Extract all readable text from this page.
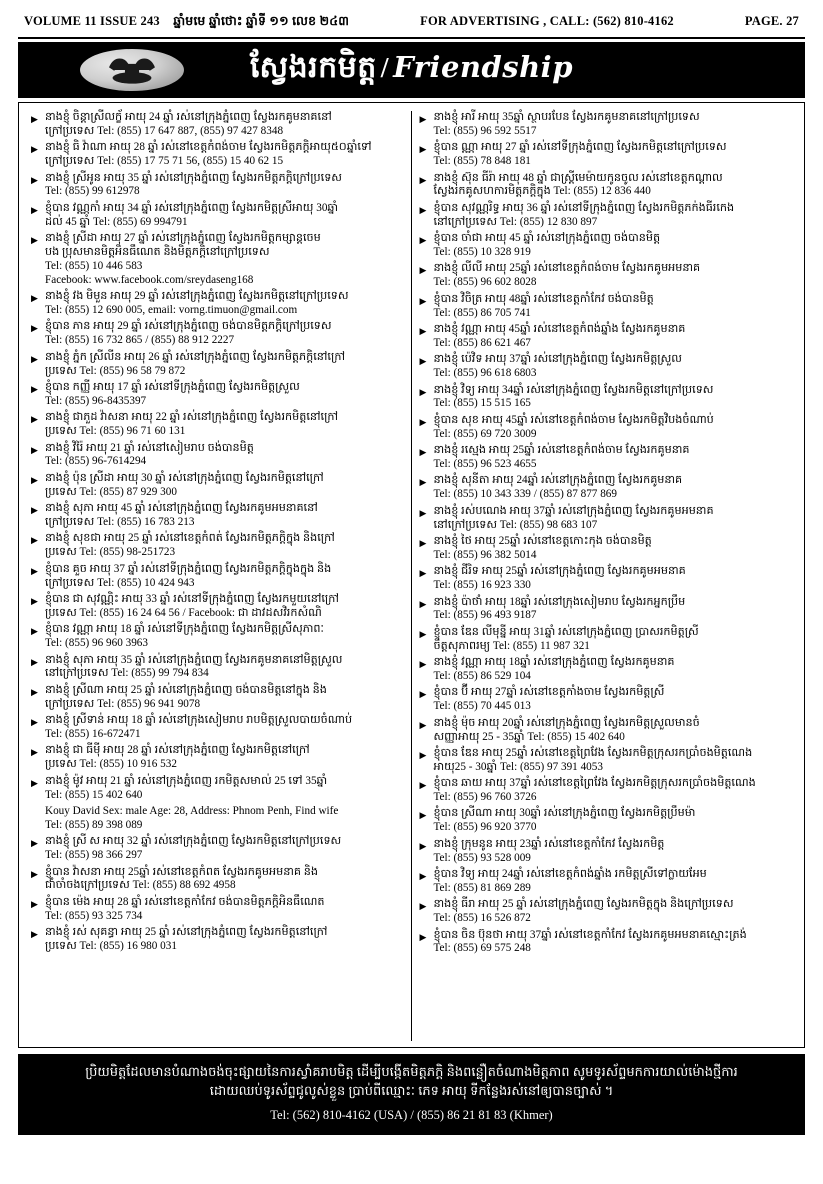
VOLUME 11 ISSUE 243 ឆ្នាំមមេ ឆ្នាំថោះ ឆ្នាំទី ១១ លេខ ២៤៣	FOR ADVERTISING , CALL: (562) 810-4162	PAGE. 27
ស្វែងរកមិត្ត / Friendship
▶ នាងខ្ញុំ ចិន្តាស្រីលក្ខ័ អាយុ 24 ឆ្នាំ រស់នៅក្រុងភ្នំពេញ ស្វែងរកគូមនាគនៅ
ក្រៅប្រទេស Tel: (855) 17 647 887, (855) 97 427 8348
▶ នាងខ្ញុំ ធិ វ៉ាណា អាយុ 28 ឆ្នាំ រស់នៅខេត្តកំពង់ចាម ស្វែងរកមិត្តភក្តិអាយុ៥០ឆ្នាំទៅ
ក្រៅប្រទេស Tel: (855) 17 75 71 56, (855) 15 40 62 15
▶ នាងខ្ញុំ ស្រីអូន អាយុ 35 ឆ្នាំ រស់នៅក្រុងភ្នំពេញ ស្វែងរកមិត្តភក្តិក្រៅប្រទេស
Tel: (855) 99 612978
▶ ខ្ញុំបាន វណ្ណកាំ អាយុ 34 ឆ្នាំ រស់នៅក្រុងភ្នំពេញ ស្វែងរកមិត្តស្រីអាយុ 30ឆ្នាំ
ដល់ 45 ឆ្នាំ Tel: (855) 69 994791
▶ នាងខ្ញុំ ស្រីដា អាយុ 27 ឆ្នាំ រស់នៅក្រុងភ្នំពេញ ស្វែងរកមិត្តកម្សាន្តចេម
បង ប្រុសមានមិត្តអិនធឹណេត និងមិត្តភក្តិនៅក្រៅប្រទេស
Tel: (855) 10 446 583
Facebook: www.facebook.com/sreydaseng168
▶ នាងខ្ញុំ វង មិមួន អាយុ 29 ឆ្នាំ រស់នៅក្រុងភ្នំពេញ ស្វែងរកមិត្តនៅក្រៅប្រទេស
Tel: (855) 12 690 005, email: vorng.timuon@gmail.com
▶ ខ្ញុំបាន ភាន អាយុ 29 ឆ្នាំ រស់នៅក្រុងភ្នំពេញ ចង់បានមិត្តភក្តិក្រៅប្រទេស
Tel: (855) 16 732 865 / (855) 88 912 2227
▶ នាងខ្ញុំ ភ្នំក ស្រីលីន អាយុ 26 ឆ្នាំ រស់នៅក្រុងភ្នំពេញ ស្វែងរកមិត្តភក្តិនៅក្រៅ
ប្រទេស Tel: (855) 96 58 79 872
▶ ខ្ញុំបាន កញ្ញី អាយុ 17 ឆ្នាំ រស់នៅទីក្រុងភ្នំពេញ ស្វែងរកមិត្តស្រួល
Tel: (855) 96-8435397
▶ នាងខ្ញុំ ជាភួដ វ៉ាសនា អាយុ 22 ឆ្នាំ រស់នៅក្រុងភ្នំពេញ ស្វែងរកមិត្តនៅក្រៅ
ប្រទេស Tel: (855) 96 71 60 131
▶ នាងខ្ញុំ វិរ៉ៃ អាយុ 21 ឆ្នាំ រស់នៅសៀមរាប ចង់បានមិត្ត
Tel: (855) 96-7614294
▶ នាងខ្ញុំ ប៉ុន ស្រីដា អាយុ 30 ឆ្នាំ រស់នៅក្រុងភ្នំពេញ ស្វែងរកមិត្តនៅក្រៅ
ប្រទេស Tel: (855) 87 929 300
▶ នាងខ្ញុំ សុភា អាយុ 45 ឆ្នាំ រស់នៅក្រុងភ្នំពេញ ស្វែងរកគូមអមនាគនៅ
ក្រៅប្រទេស Tel: (855) 16 783 213
▶ នាងខ្ញុំ សុខជា អាយុ 25 ឆ្នាំ រស់នៅខេត្តកំពត់ ស្វែងរកមិត្តភក្តិក្នុង និងក្រៅ
ប្រទេស Tel: (855) 98-251723
▶ ខ្ញុំបាន គួច អាយុ 37 ឆ្នាំ រស់នៅទីក្រុងភ្នំពេញ ស្វែងរកមិត្តភក្តិក្នុងក្នុង និង
ក្រៅប្រទេស Tel: (855) 10 424 943
▶ ខ្ញុំបាន ជា សុវណ្ណិះ អាយុ 33 ឆ្នាំ រស់នៅទីក្រុងភ្នំពេញ ស្វែងរកមួយនៅក្រៅ
ប្រទេស Tel: (855) 16 24 64 56 / Facebook: ជា ដាវដសវិរកសំណិ
▶ ខ្ញុំបាន វណ្ណា អាយុ 18 ឆ្នាំ រស់នៅទីក្រុងភ្នំពេញ ស្វែងរកមិត្តស្រីសុភាពៈ
Tel: (855) 96 960 3963
▶ នាងខ្ញុំ សុភា អាយុ 35 ឆ្នាំ រស់នៅក្រុងភ្នំពេញ ស្វែងរកគូមនាគនៅមិត្តស្រួល
នៅក្រៅប្រទេស Tel: (855) 99 794 834
▶ នាងខ្ញុំ ស្រីណា អាយុ 25 ឆ្នាំ រស់នៅក្រុងភ្នំពេញ ចង់បានមិត្តនៅក្នុង និង
ក្រៅប្រទេស Tel: (855) 96 941 9078
▶ នាងខ្ញុំ ស្រីទាន់ អាយុ 18 ឆ្នាំ រស់នៅក្រុងសៀមរាប រាបមិត្តស្រួលបាយចំណាប់
Tel: (855) 16-672471
▶ នាងខ្ញុំ ជា ធីម៉ី អាយុ 28 ឆ្នាំ រស់នៅក្រុងភ្នំពេញ ស្វែងរកមិត្តនៅក្រៅ
ប្រទេស Tel: (855) 10 916 532
▶ នាងខ្ញុំ ម៉ូវ អាយុ 21 ឆ្នាំ រស់នៅក្រុងភ្នំពេញ រកមិត្តសមាល់ 25 ទៅ 35ឆ្នាំ
Tel: (855) 15 402 640
Kouy David Sex: male Age: 28, Address: Phnom Penh, Find wife
Tel: (855) 89 398 089
▶ នាងខ្ញុំ ស្រី ស អាយុ 32 ឆ្នាំ រស់នៅក្រុងភ្នំពេញ ស្វែងរកមិត្តនៅក្រៅប្រទេស
Tel: (855) 98 366 297
▶ ខ្ញុំបាន វ៉ាសនា អាយុ 25ឆ្នាំ រស់នៅខេត្តកំពត ស្វែងរកគូមអមនាគ និង
ជាំចាំចងក្រៅប្រទេស Tel: (855) 88 692 4958
▶ ខ្ញុំបាន ម៉េង អាយុ 28 ឆ្នាំ រស់នៅខេត្តកាំកែវ ចង់បានមិត្តភក្តិអិនធឹណេត
Tel: (855) 93 325 734
▶ នាងខ្ញុំ រស់ សុគន្ធា អាយុ 25 ឆ្នាំ រស់នៅក្រុងភ្នំពេញ ស្វែងរកមិត្តនៅក្រៅ
ប្រទេស Tel: (855) 16 980 031
▶ នាងខ្ញុំ អារី អាយុ 35ឆ្នាំ ស្ថាបរបែន ស្វែងរកគូមនាគនៅក្រៅប្រទេស
Tel: (855) 96 592 5517
▶ ខ្ញុំបាន ណ្ណា អាយុ 27 ឆ្នាំ រស់នៅទីក្រុងភ្នំពេញ ស្វែងរកមិត្តនៅក្រៅប្រទេស
Tel: (855) 78 848 181
▶ នាងខ្ញុំ ស៊ុន ធីរ៉ា អាយុ 48 ឆ្នាំ ជាស្ត្រីមេម៉ាយកូនចូល រស់នៅខេត្តកណ្តាល
ស្វែងរកគូសហការមិត្តភក្តិក្នុង Tel: (855) 12 836 440
▶ ខ្ញុំបាន សុវណ្ណរិទ្ធ អាយុ 36 ឆ្នាំ រស់នៅទីក្រុងភ្នំពេញ ស្វែងរកមិត្តភក់ងធីរកេង
នៅក្រៅប្រទេស Tel: (855) 12 830 897
▶ ខ្ញុំបាន ចាំជា អាយុ 45 ឆ្នាំ រស់នៅក្រុងភ្នំពេញ ចង់បានមិត្ត
Tel: (855) 10 328 919
▶ នាងខ្ញុំ លីលី អាយុ 25ឆ្នាំ រស់នៅខេត្តកំពង់ចាម ស្វែងរកគូមអមនាគ
Tel: (855) 96 602 8028
▶ ខ្ញុំបាន វិចិត្រ អាយុ 48ឆ្នាំ រស់នៅខេត្តកាំកែវ ចង់បានមិត្ត
Tel: (855) 86 705 741
▶ នាងខ្ញុំ វណ្ណា អាយុ 45ឆ្នាំ រស់នៅខេត្តកំពង់ឆ្នាំង ស្វែងរកគូមនាគ
Tel: (855) 86 621 467
▶ នាងខ្ញុំ ប៉េវិទ អាយុ 37ឆ្នាំ រស់នៅក្រុងភ្នំពេញ ស្វែងរកមិត្តស្រួល
Tel: (855) 96 618 6803
▶ នាងខ្ញុំ វិទ្យ អាយុ 34ឆ្នាំ រស់នៅក្រុងភ្នំពេញ ស្វែងរកមិត្តនៅក្រៅប្រទេស
Tel: (855) 15 515 165
▶ ខ្ញុំបាន សុខ អាយុ 45ឆ្នាំ រស់នៅខេត្តកំពង់ចាម ស្វែងរកមិត្តវិបងចំណាប់
Tel: (855) 69 720 3009
▶ នាងខ្ញុំ រស្មេង អាយុ 25ឆ្នាំ រស់នៅខេត្តកំពង់ចាម ស្វែងរកគូមនាគ
Tel: (855) 96 523 4655
▶ នាងខ្ញុំ សុនីតា អាយុ 24ឆ្នាំ រស់នៅក្រុងភ្នំពេញ ស្វែងរកគូមនាគ
Tel: (855) 10 343 339 / (855) 87 877 869
▶ នាងខ្ញុំ រស់បណេង អាយុ 37ឆ្នាំ រស់នៅក្រុងភ្នំពេញ ស្វែងរកគូមអមនាគ
នៅក្រៅប្រទេស Tel: (855) 98 683 107
▶ នាងខ្ញុំ ថៃ អាយុ 25ឆ្នាំ រស់នៅខេត្តកោះកុង ចង់បានមិត្ត
Tel: (855) 96 382 5014
▶ នាងខ្ញុំ ជីរិទ អាយុ 25ឆ្នាំ រស់នៅក្រុងភ្នំពេញ ស្វែងរកគូមអមនាគ
Tel: (855) 16 923 330
▶ នាងខ្ញុំ ប៉ាថាំ អាយុ 18ឆ្នាំ រស់នៅក្រុងសៀមរាប ស្វែងរកអ្នកប្រឹម
Tel: (855) 96 493 9187
▶ ខ្ញុំបាន ឌែន លីមុន្នី អាយុ 31ឆ្នាំ រស់នៅក្រុងភ្នំពេញ ប្រាសរកមិត្តស្រី
ចិត្តសុភាពរម្យ Tel: (855) 11 987 321
▶ នាងខ្ញុំ វណ្ណា អាយុ 18ឆ្នាំ រស់នៅក្រុងភ្នំពេញ ស្វែងរកគូមនាគ
Tel: (855) 86 529 104
▶ ខ្ញុំបាន ប៊ី អាយុ 27ឆ្នាំ រស់នៅខេត្តកាំងចាម ស្វែងរកមិត្តស្រី
Tel: (855) 70 445 013
▶ នាងខ្ញុំ ម៉ុច អាយុ 20ឆ្នាំ រស់នៅក្រុងភ្នំពេញ ស្វែងរកមិត្តស្រួលមានចំ
សញ្ញាអាយុ 25 - 35ឆ្នាំ Tel: (855) 15 402 640
▶ ខ្ញុំបាន ឌែន អាយុ 25ឆ្នាំ រស់នៅខេត្តព្រៃវែង ស្វែងរកមិត្តក្រុសរកប្រាំចងមិត្តណេង
អាយុ25 - 30ឆ្នាំ Tel: (855) 97 391 4053
▶ ខ្ញុំបាន ឆាយ អាយុ 37ឆ្នាំ រស់នៅខេត្តព្រៃវែង ស្វែងរកមិត្តក្រុសរកប្រាំចងមិត្តណេង
Tel: (855) 96 760 3726
▶ ខ្ញុំបាន ស្រីណា អាយុ 30ឆ្នាំ រស់នៅក្រុងភ្នំពេញ ស្វែងរកមិត្តប្រឹមម៉ា
Tel: (855) 96 920 3770
▶ នាងខ្ញុំ ក្រុមនូន អាយុ 23ឆ្នាំ រស់នៅខេត្តកាំកែវ ស្វែងរកមិត្ត
Tel: (855) 93 528 009
▶ ខ្ញុំបាន វិទ្យ អាយុ 24ឆ្នាំ រស់នៅខេត្តកំពង់ឆ្នាំង រកមិត្តស្រីទៅក្លាយអែម
Tel: (855) 81 869 289
▶ នាងខ្ញុំ ធីរា អាយុ 25 ឆ្នាំ រស់នៅក្រុងភ្នំពេញ ស្វែងរកមិត្តក្នុង និងក្រៅប្រទេស
Tel: (855) 16 526 872
▶ ខ្ញុំបាន ចិន ប៊ុនថា អាយុ 37ឆ្នាំ រស់នៅខេត្តកាំកែវ ស្វែងរកគូមអមនាគស្មោះត្រង់
Tel: (855) 69 575 248
ប្រិយមិត្តដែលមានបំណាងចង់ចុះផ្សាយនៃការស្វាំគរាបមិត្ត ដើម្បីបង្កើតមិត្តភក្តិ និងពន្លឿតចំណាងមិត្តភាព សូមទូរស័ព្ទមកការយាល់ម៉ោងថ្មីការ
ដោយឈប់ទូរស័ព្ទជូលូស់ខ្លួន ប្រាប់ពីឈ្មោះៈ ភេទ អាយុ ទីកន្លែងរស់នៅឲ្យបានច្បាស់ ។
Tel: (562) 810-4162 (USA) / (855) 86 21 81 83 (Khmer)
